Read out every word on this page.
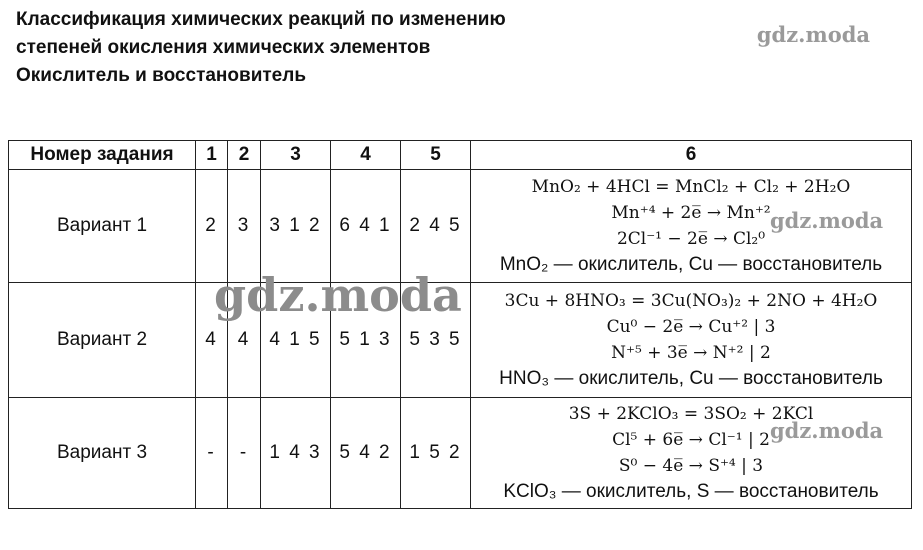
Классификация химических реакций по изменению
степеней окисления химических элементов
Окислитель и восстановитель
gdz.moda
Номер задания	1	2	3	4	5	6
Вариант 1	2	3	3 1 2	6 4 1	2 4 5	MnO₂ + 4HCl = MnCl₂ + Cl₂ + 2H₂O
Mn⁺⁴ + 2e̅ → Mn⁺²
2Cl⁻¹ − 2e̅ → Cl₂⁰
MnO₂ — окислитель, Cu — восстановитель

Вариант 2	4	4	4 1 5	5 1 3	5 3 5	3Cu + 8HNO₃ = 3Cu(NO₃)₂ + 2NO + 4H₂O
Cu⁰ − 2e̅ → Cu⁺² | 3
N⁺⁵ + 3e̅ → N⁺² | 2
HNO₃ — окислитель, Cu — восстановитель

Вариант 3	-	-	1 4 3	5 4 2	1 5 2	3S + 2KClO₃ = 3SO₂ + 2KCl
Cl⁵ + 6e̅ → Cl⁻¹ | 2
S⁰ − 4e̅ → S⁺⁴ | 3
KClO₃ — окислитель, S — восстановитель
gdz.moda
gdz.moda
gdz.moda
